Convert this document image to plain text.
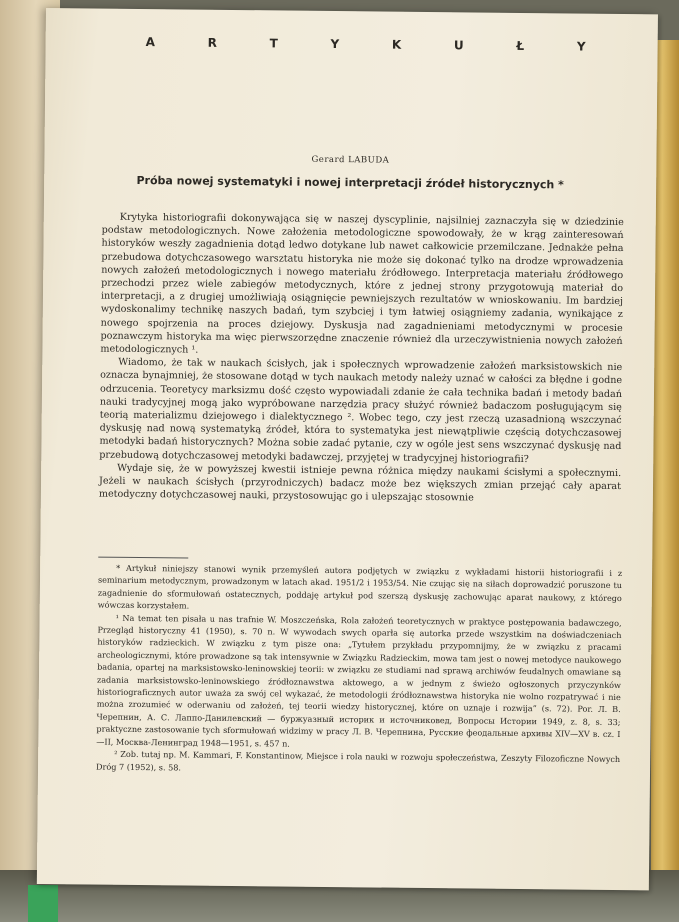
A	R	T	Y	K	U	Ł	Y
Gerard LABUDA
Próba nowej systematyki i nowej interpretacji źródeł historycznych *

Krytyka historiografii dokonywająca się w naszej dyscyplinie, najsilniej zaznaczyła się w dziedzinie podstaw metodologicznych. Nowe założenia metodologiczne spowodowały, że w krąg zainteresowań historyków weszły zagadnienia dotąd ledwo dotykane lub nawet całkowicie przemilczane. Jednakże pełna przebudowa dotychczasowego warsztatu historyka nie może się dokonać tylko na drodze wprowadzenia nowych założeń metodologicznych i nowego materiału źródłowego. Interpretacja materiału źródłowego przechodzi przez wiele zabiegów metodycznych, które z jednej strony przygotowują materiał do interpretacji, a z drugiej umożliwiają osiągnięcie pewniejszych rezultatów w wnioskowaniu. Im bardziej wydoskonalimy technikę naszych badań, tym szybciej i tym łatwiej osiągniemy zadania, wynikające z nowego spojrzenia na proces dziejowy. Dyskusja nad zagadnieniami metodycznymi w procesie poznawczym historyka ma więc pierwszorzędne znaczenie również dla urzeczywistnienia nowych założeń metodologicznych ¹.

Wiadomo, że tak w naukach ścisłych, jak i społecznych wprowadzenie założeń marksistowskich nie oznacza bynajmniej, że stosowane dotąd w tych naukach metody należy uznać w całości za błędne i godne odrzucenia. Teoretycy marksizmu dość często wypowiadali zdanie że cała technika badań i metody badań nauki tradycyjnej mogą jako wypróbowane narzędzia pracy służyć również badaczom posługującym się teorią materializmu dziejowego i dialektycznego ². Wobec tego, czy jest rzeczą uzasadnioną wszczynać dyskusję nad nową systematyką źródeł, która to systematyka jest niewątpliwie częścią dotychczasowej metodyki badań historycznych? Można sobie zadać pytanie, czy w ogóle jest sens wszczynać dyskusję nad przebudową dotychczasowej metodyki badawczej, przyjętej w tradycyjnej historiografii?

Wydaje się, że w powyższej kwestii istnieje pewna różnica między naukami ścisłymi a społecznymi. Jeżeli w naukach ścisłych (przyrodniczych) badacz może bez większych zmian przejąć cały aparat metodyczny dotychczasowej nauki, przystosowując go i ulepszając stosownie

* Artykuł niniejszy stanowi wynik przemyśleń autora podjętych w związku z wykładami historii historiografii i z seminarium metodycznym, prowadzonym w latach akad. 1951/2 i 1953/54. Nie czując się na siłach doprowadzić poruszone tu zagadnienie do sformułowań ostatecznych, poddaję artykuł pod szerszą dyskusję zachowując aparat naukowy, z którego wówczas korzystałem.

¹ Na temat ten pisała u nas trafnie W. Moszczeńska, Rola założeń teoretycznych w praktyce postępowania badawczego, Przegląd historyczny 41 (1950), s. 70 n. W wywodach swych oparła się autorka przede wszystkim na doświadczeniach historyków radzieckich. W związku z tym pisze ona: „Tytułem przykładu przypomnijmy, że w związku z pracami archeologicznymi, które prowadzone są tak intensywnie w Związku Radzieckim, mowa tam jest o nowej metodyce naukowego badania, opartej na marksistowsko-leninowskiej teorii: w związku ze studiami nad sprawą archiwów feudalnych omawiane są zadania marksistowsko-leninowskiego źródłoznawstwa aktowego, a w jednym z świeżo ogłoszonych przyczynków historiograficznych autor uważa za swój cel wykazać, że metodologii źródłoznawstwa historyka nie wolno rozpatrywać i nie można zrozumieć w oderwaniu od założeń, tej teorii wiedzy historycznej, które on uznaje i rozwija” (s. 72). Por. Л. В. Черепнин, А. С. Лаппо-Данилевский — буржуазный историк и источниковед, Вопросы Истории 1949, z. 8, s. 33; praktyczne zastosowanie tych sformułowań widzimy w pracy Л. В. Черепнина, Русские феодальные архивы XIV—XV в. cz. I—II, Москва-Ленинград 1948—1951, s. 457 n.

² Zob. tutaj np. M. Kammari, F. Konstantinow, Miejsce i rola nauki w rozwoju społeczeństwa, Zeszyty Filozoficzne Nowych Dróg 7 (1952), s. 58.
